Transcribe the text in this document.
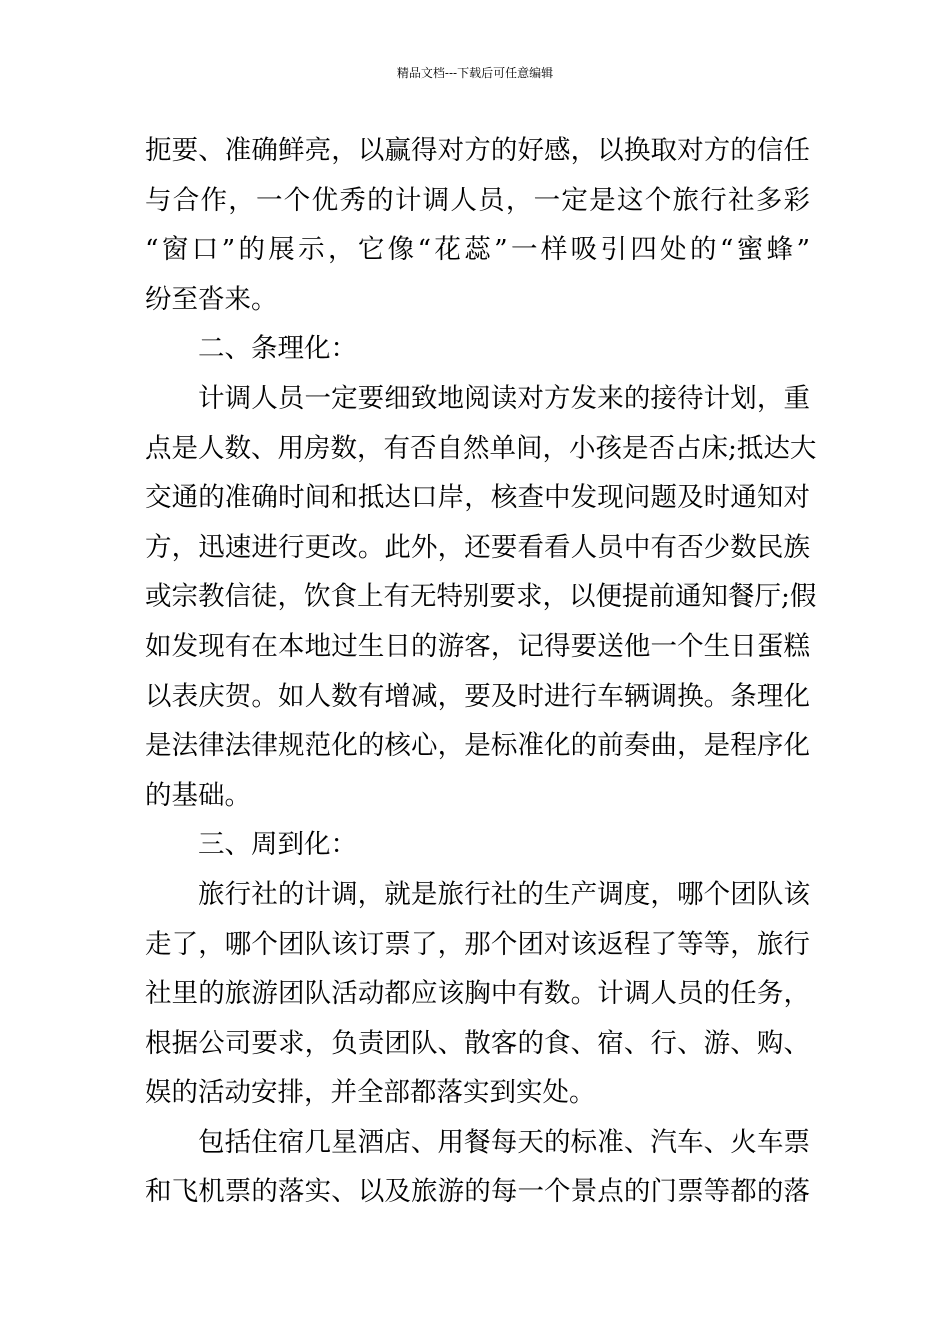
精品文档---下载后可任意编辑
扼要、准确鲜亮，以赢得对方的好感，以换取对方的信任
与合作，一个优秀的计调人员，一定是这个旅行社多彩
“窗口”的展示，它像“花蕊”一样吸引四处的“蜜蜂”
纷至沓来。
二、条理化：
计调人员一定要细致地阅读对方发来的接待计划，重
点是人数、用房数，有否自然单间，小孩是否占床;抵达大
交通的准确时间和抵达口岸，核查中发现问题及时通知对
方，迅速进行更改。此外，还要看看人员中有否少数民族
或宗教信徒，饮食上有无特别要求，以便提前通知餐厅;假
如发现有在本地过生日的游客，记得要送他一个生日蛋糕
以表庆贺。如人数有增减，要及时进行车辆调换。条理化
是法律法律规范化的核心，是标准化的前奏曲，是程序化
的基础。
三、周到化：
旅行社的计调，就是旅行社的生产调度，哪个团队该
走了，哪个团队该订票了，那个团对该返程了等等，旅行
社里的旅游团队活动都应该胸中有数。计调人员的任务，
根据公司要求，负责团队、散客的食、宿、行、游、购、
娱的活动安排，并全部都落实到实处。
包括住宿几星酒店、用餐每天的标准、汽车、火车票
和飞机票的落实、以及旅游的每一个景点的门票等都的落
